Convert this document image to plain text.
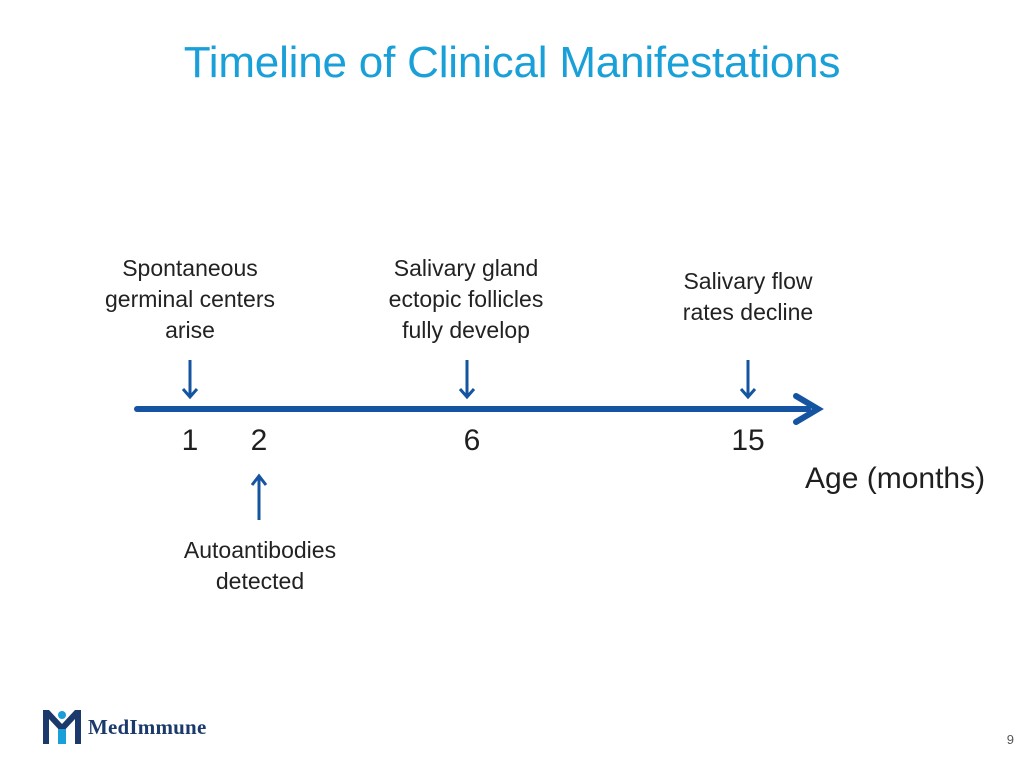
Timeline of Clinical Manifestations
Spontaneous
germinal centers
arise
Salivary gland
ectopic follicles
fully develop
Salivary flow
rates decline
Autoantibodies
detected
1	2	6	15
Age (months)
MedImmune
9
